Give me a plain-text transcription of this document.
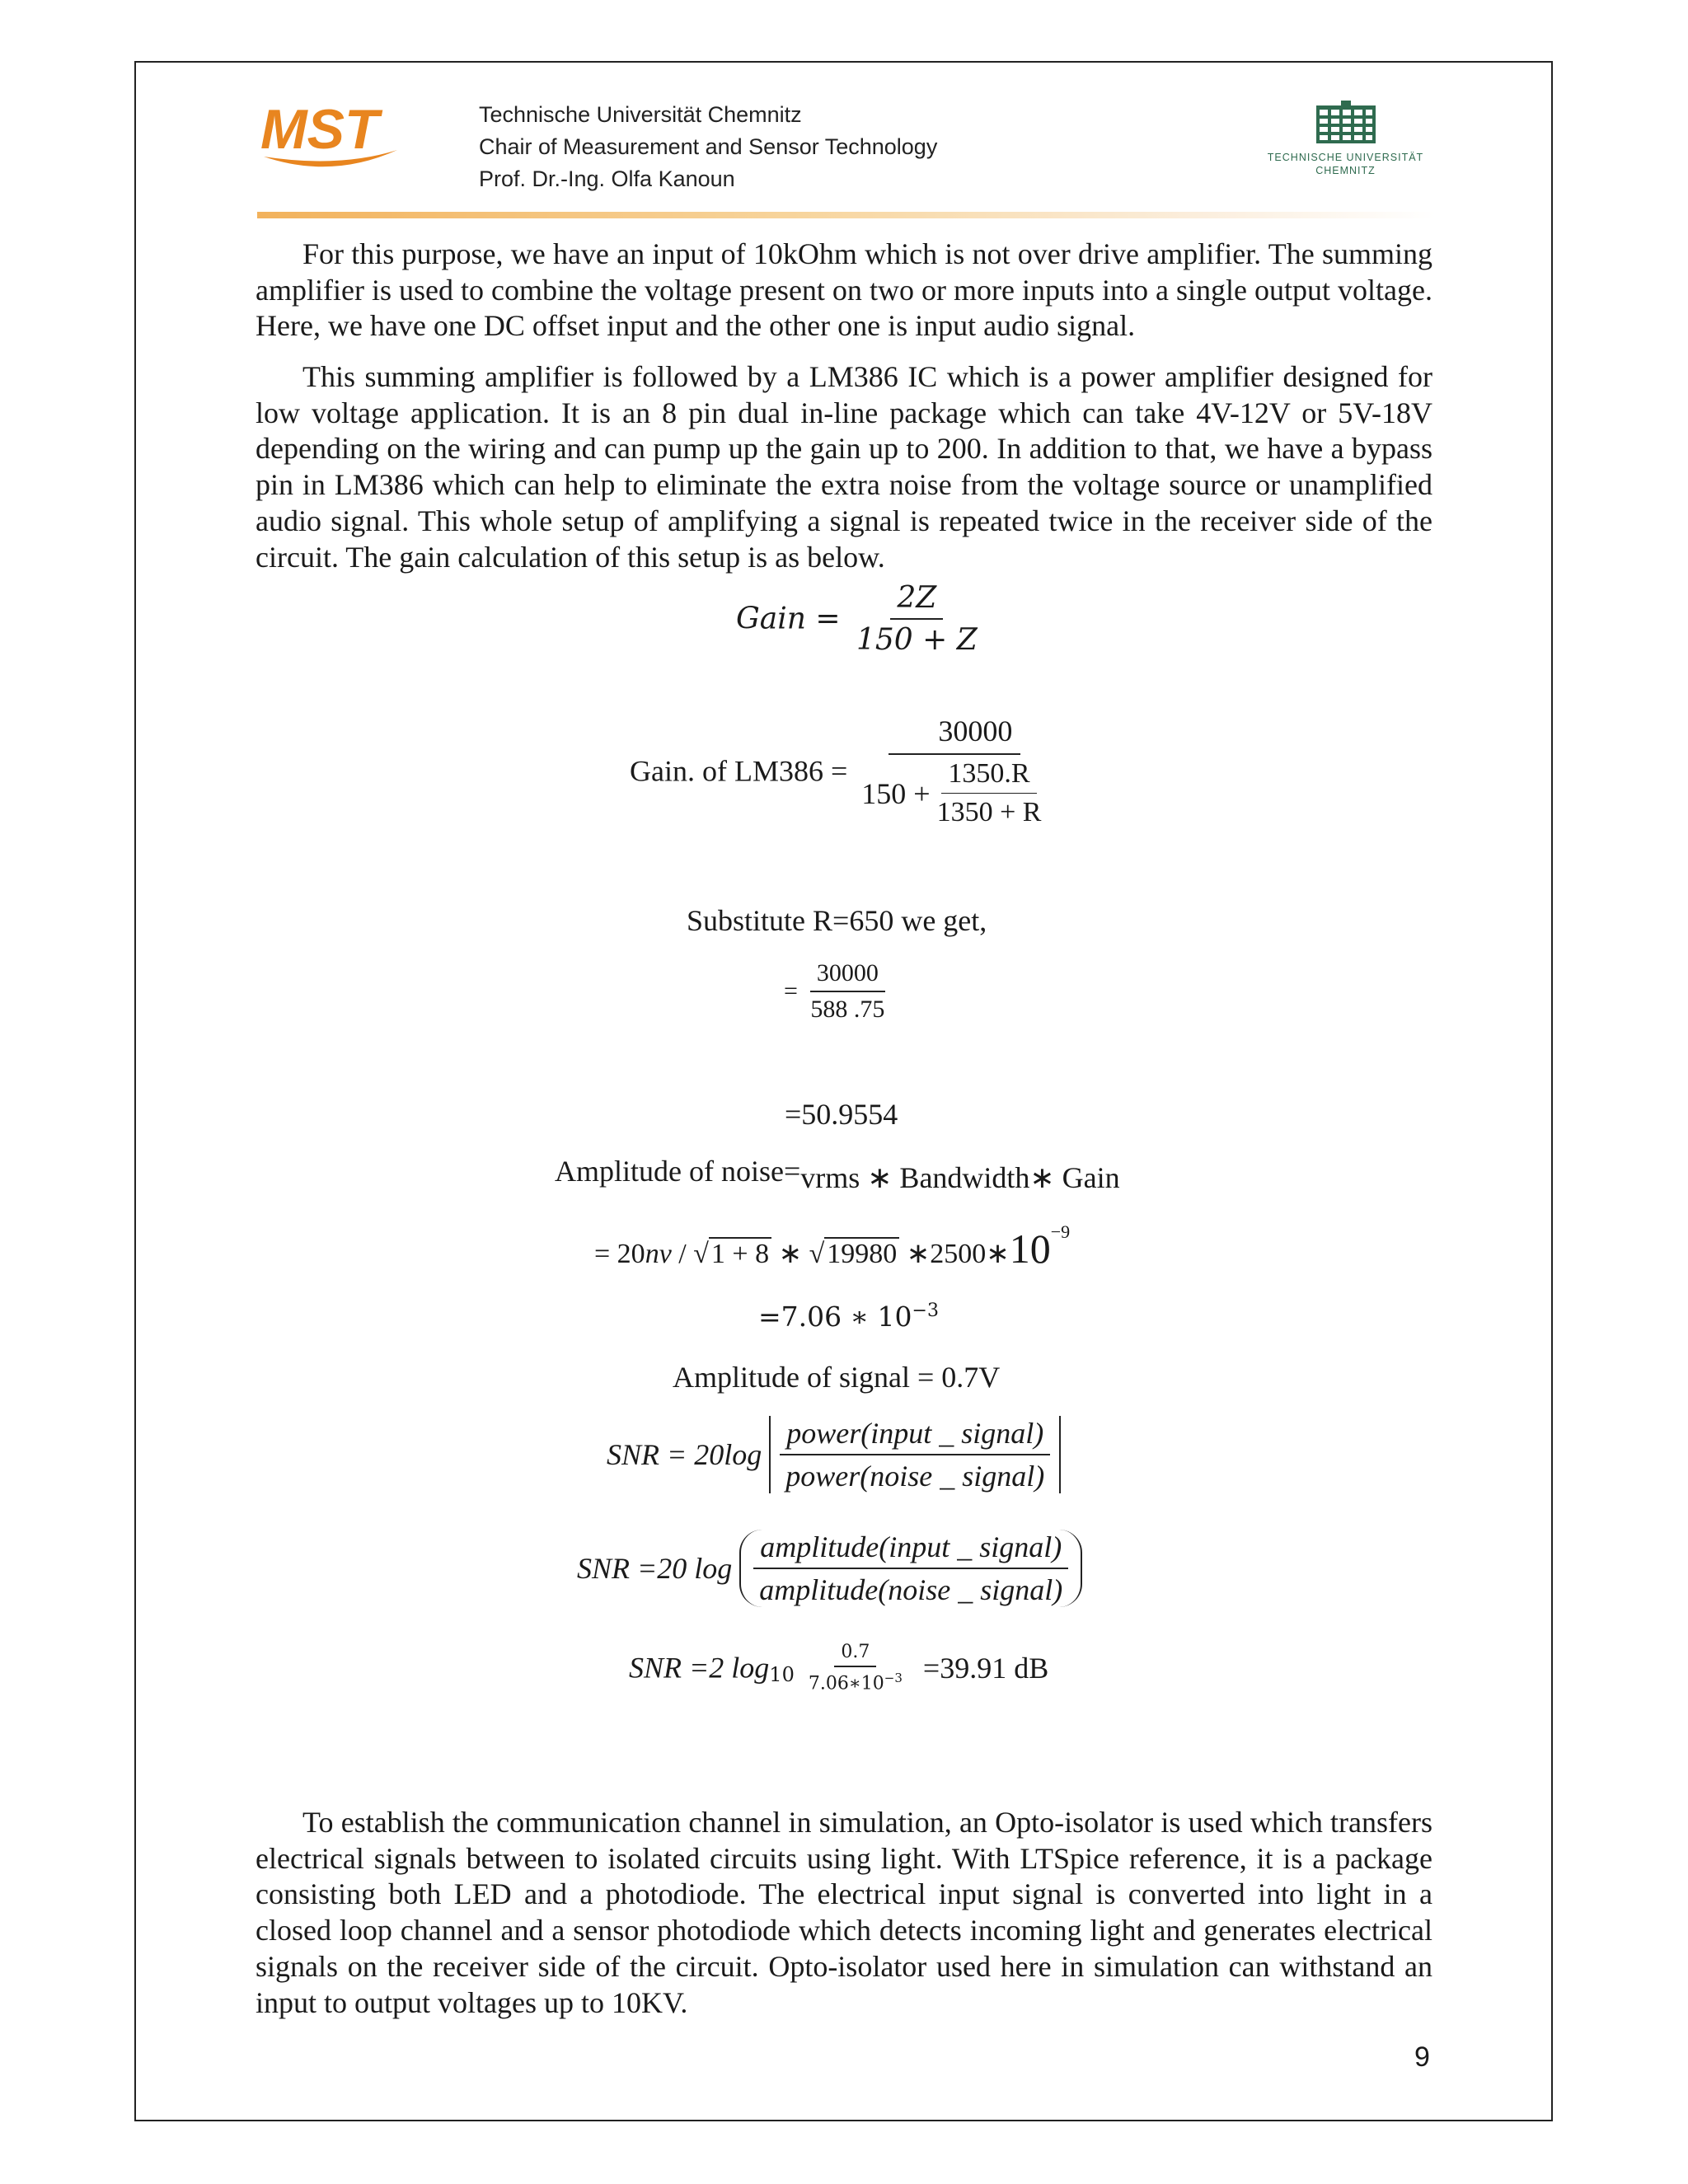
MST	Technische Universität Chemnitz
Chair of Measurement and Sensor Technology
Prof. Dr.-Ing. Olfa Kanoun
TECHNISCHE UNIVERSITÄT
CHEMNITZ

For this purpose, we have an input of 10kOhm which is not over drive amplifier. The summing amplifier is used to combine the voltage present on two or more inputs into a single output voltage. Here, we have one DC offset input and the other one is input audio signal.

This summing amplifier is followed by a LM386 IC which is a power amplifier designed for low voltage application. It is an 8 pin dual in-line package which can take 4V-12V or 5V-18V depending on the wiring and can pump up the gain up to 200. In addition to that, we have a bypass pin in LM386 which can help to eliminate the extra noise from the voltage source or unamplified audio signal. This whole setup of amplifying a signal is repeated twice in the receiver side of the circuit. The gain calculation of this setup is as below.

Gain = $\frac{2Z}{150 + Z}$
Gain. of $LM386 = \frac{30000}{150 + \frac{1350.R}{1350 + R}}$
Substitute R=650 we get,
= $\frac{30000}{588 .75}$
=50.9554
Amplitude of noise=vrms ∗ Bandwidth∗ Gain
= 20nv / √1 + 8 ∗ √19980 $∗2500∗10^{-9}$
=7.06 ∗ $10^{-3}$
Amplitude of signal = 0.7V
SNR = $20\log \frac{\text{power(input \_ signal)}}{\text{power(noise \_ signal)}}$
SNR =20 $\log \frac{\text{amplitude(input \_ signal)}}{\text{amplitude(noise \_ signal)}}$
SNR =2 $\log_{10} \frac{0.7}{7.06∗10^{-3}} =39.91$ dB

To establish the communication channel in simulation, an Opto-isolator is used which transfers electrical signals between to isolated circuits using light. With LTSpice reference, it is a package consisting both LED and a photodiode. The electrical input signal is converted into light in a closed loop channel and a sensor photodiode which detects incoming light and generates electrical signals on the receiver side of the circuit. Opto-isolator used here in simulation can withstand an input to output voltages up to 10KV.

9
